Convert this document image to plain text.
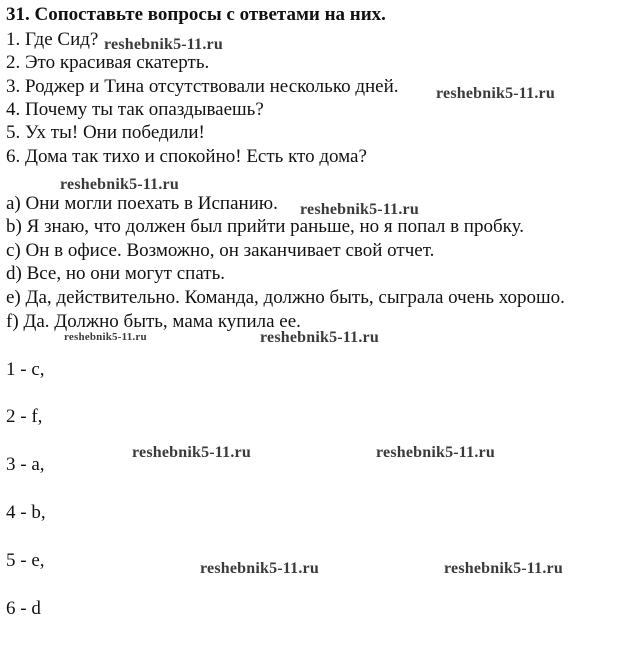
31. Сопоставьте вопросы с ответами на них.
1. Где Сид?
2. Это красивая скатерть.
3. Роджер и Тина отсутствовали несколько дней.
4. Почему ты так опаздываешь?
5. Ух ты! Они победили!
6. Дома так тихо и спокойно! Есть кто дома?
a) Они могли поехать в Испанию.
b) Я знаю, что должен был прийти раньше, но я попал в пробку.
c) Он в офисе. Возможно, он заканчивает свой отчет.
d) Все, но они могут спать.
e) Да, действительно. Команда, должно быть, сыграла очень хорошо.
f) Да. Должно быть, мама купила ее.
1 - c,
2 - f,
3 - a,
4 - b,
5 - e,
6 - d
reshebnik5-11.ru
reshebnik5-11.ru
reshebnik5-11.ru
reshebnik5-11.ru
reshebnik5-11.ru	reshebnik5-11.ru
reshebnik5-11.ru	reshebnik5-11.ru
reshebnik5-11.ru	reshebnik5-11.ru
